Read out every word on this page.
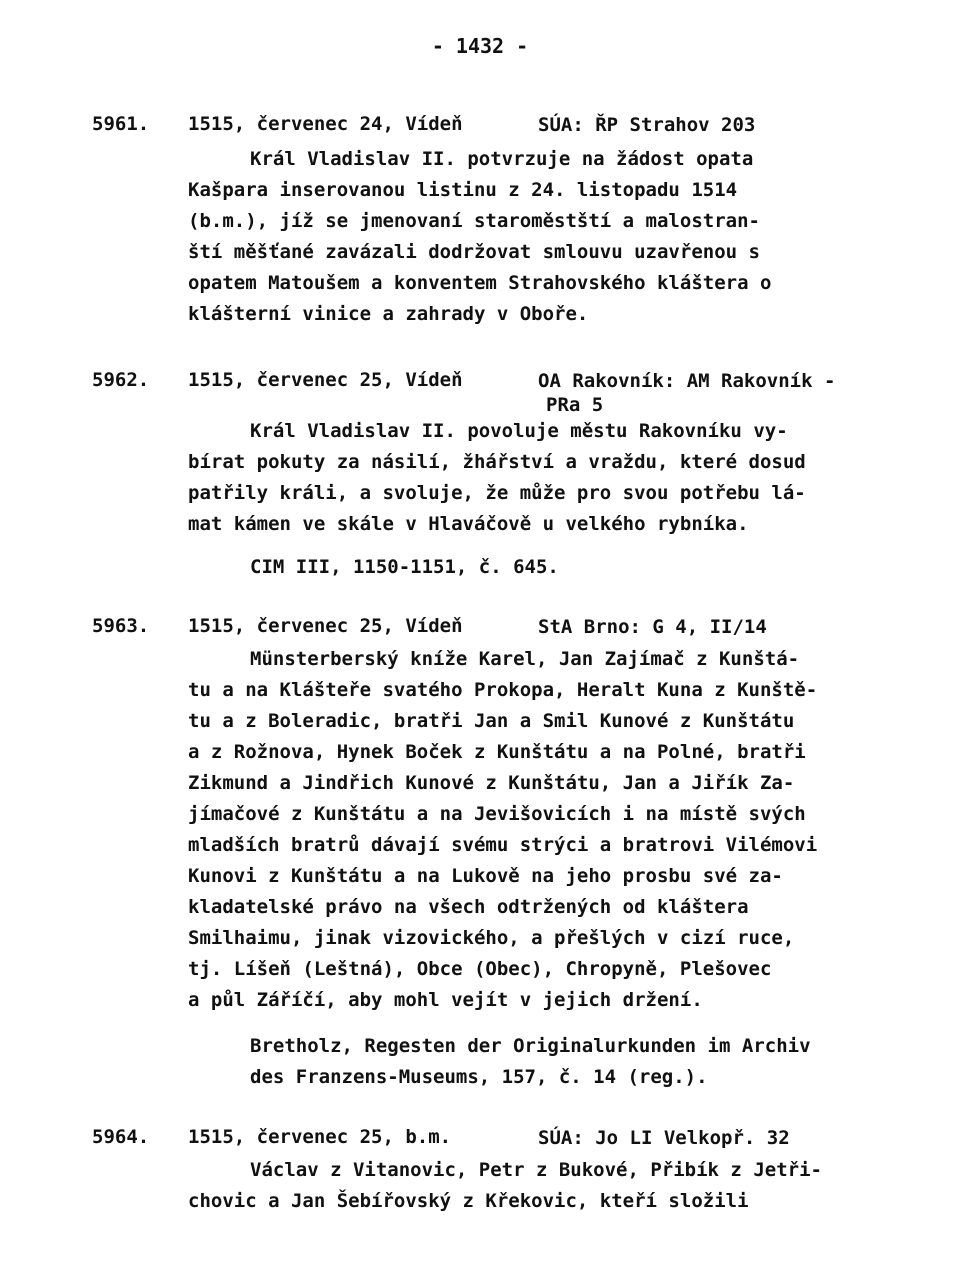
- 1432 -
5961. 1515, červenec 24, Vídeň	SÚA: ŘP Strahov 203
Král Vladislav II. potvrzuje na žádost opata
Kašpara inserovanou listinu z 24. listopadu 1514
(b.m.), jíž se jmenovaní staroměstští a malostran-
ští měšťané zavázali dodržovat smlouvu uzavřenou s
opatem Matoušem a konventem Strahovského kláštera o
klášterní vinice a zahrady v Oboře.
5962. 1515, červenec 25, Vídeň	OA Rakovník: AM Rakovník -
PRa 5
Král Vladislav II. povoluje městu Rakovníku vy-
bírat pokuty za násilí, žhářství a vraždu, které dosud
patřily králi, a svoluje, že může pro svou potřebu lá-
mat kámen ve skále v Hlaváčově u velkého rybníka.
CIM III, 1150-1151, č. 645.
5963. 1515, červenec 25, Vídeň	StA Brno: G 4, II/14
Münsterberský kníže Karel, Jan Zajímač z Kunštá-
tu a na Klášteře svatého Prokopa, Heralt Kuna z Kunště-
tu a z Boleradic, bratři Jan a Smil Kunové z Kunštátu
a z Rožnova, Hynek Boček z Kunštátu a na Polné, bratři
Zikmund a Jindřich Kunové z Kunštátu, Jan a Jiřík Za-
jímačové z Kunštátu a na Jevišovicích i na místě svých
mladších bratrů dávají svému strýci a bratrovi Vilémovi
Kunovi z Kunštátu a na Lukově na jeho prosbu své za-
kladatelské právo na všech odtržených od kláštera
Smilhaimu, jinak vizovického, a přešlých v cizí ruce,
tj. Líšeň (Leštná), Obce (Obec), Chropyně, Plešovec
a půl Záříčí, aby mohl vejít v jejich držení.
Bretholz, Regesten der Originalurkunden im Archiv
des Franzens-Museums, 157, č. 14 (reg.).
5964. 1515, červenec 25, b.m.	SÚA: Jo LI Velkopř. 32
Václav z Vitanovic, Petr z Bukové, Přibík z Jetři-
chovic a Jan Šebířovský z Křekovic, kteří složili
